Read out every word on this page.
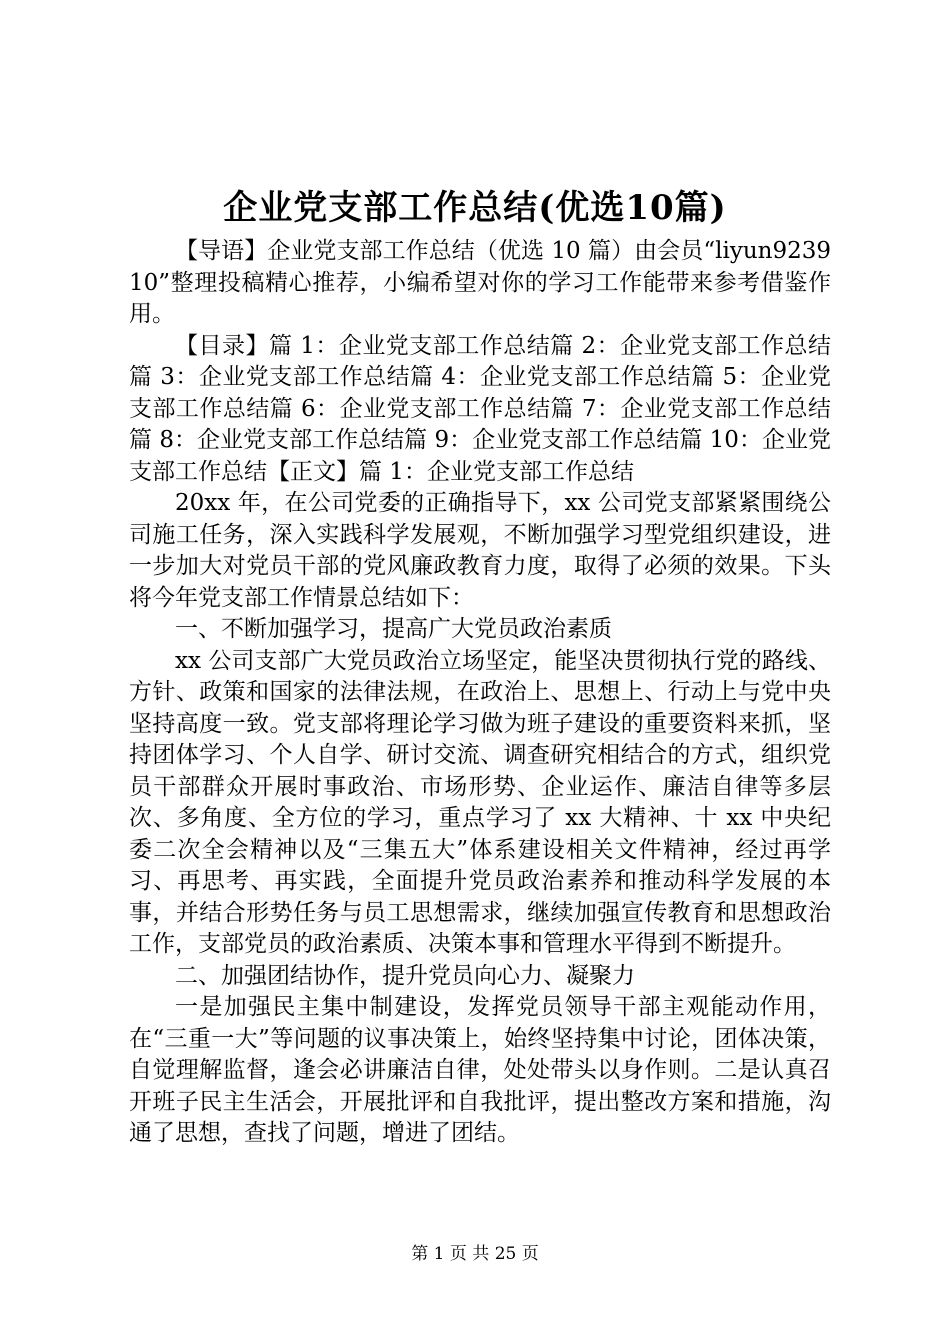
企业党支部工作总结(优选10篇)

【导语】企业党支部工作总结（优选 10 篇）由会员“liyun923910”整理投稿精心推荐，小编希望对你的学习工作能带来参考借鉴作用。

【目录】篇 1：企业党支部工作总结篇 2：企业党支部工作总结篇 3：企业党支部工作总结篇 4：企业党支部工作总结篇 5：企业党支部工作总结篇 6：企业党支部工作总结篇 7：企业党支部工作总结篇 8：企业党支部工作总结篇 9：企业党支部工作总结篇 10：企业党支部工作总结【正文】篇 1：企业党支部工作总结

20xx 年，在公司党委的正确指导下，xx 公司党支部紧紧围绕公司施工任务，深入实践科学发展观，不断加强学习型党组织建设，进一步加大对党员干部的党风廉政教育力度，取得了必须的效果。下头将今年党支部工作情景总结如下：

一、不断加强学习，提高广大党员政治素质

xx 公司支部广大党员政治立场坚定，能坚决贯彻执行党的路线、方针、政策和国家的法律法规，在政治上、思想上、行动上与党中央坚持高度一致。党支部将理论学习做为班子建设的重要资料来抓，坚持团体学习、个人自学、研讨交流、调查研究相结合的方式，组织党员干部群众开展时事政治、市场形势、企业运作、廉洁自律等多层次、多角度、全方位的学习，重点学习了 xx 大精神、十 xx 中央纪委二次全会精神以及“三集五大”体系建设相关文件精神，经过再学习、再思考、再实践，全面提升党员政治素养和推动科学发展的本事，并结合形势任务与员工思想需求，继续加强宣传教育和思想政治工作，支部党员的政治素质、决策本事和管理水平得到不断提升。

二、加强团结协作，提升党员向心力、凝聚力

一是加强民主集中制建设，发挥党员领导干部主观能动作用，在“三重一大”等问题的议事决策上，始终坚持集中讨论，团体决策，自觉理解监督，逢会必讲廉洁自律，处处带头以身作则。二是认真召开班子民主生活会，开展批评和自我批评，提出整改方案和措施，沟通了思想，查找了问题，增进了团结。

第 1 页 共 25 页
